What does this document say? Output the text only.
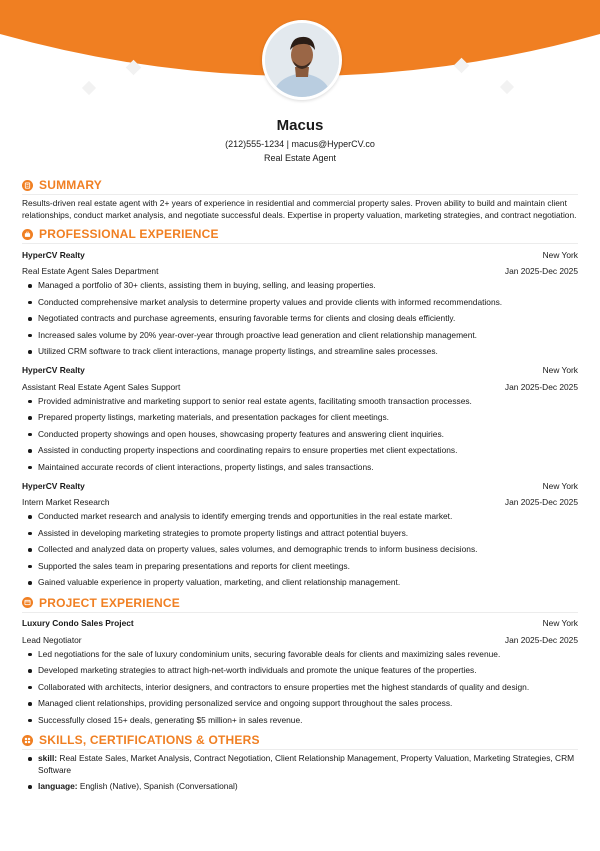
Macus
(212)555-1234 | macus@HyperCV.co
Real Estate Agent
SUMMARY
Results-driven real estate agent with 2+ years of experience in residential and commercial property sales. Proven ability to build and maintain client relationships, conduct market analysis, and negotiate successful deals. Expertise in property valuation, marketing strategies, and contract negotiation.
PROFESSIONAL EXPERIENCE
HyperCV Realty	New York
Real Estate Agent Sales Department	Jan 2025-Dec 2025
Managed a portfolio of 30+ clients, assisting them in buying, selling, and leasing properties.
Conducted comprehensive market analysis to determine property values and provide clients with informed recommendations.
Negotiated contracts and purchase agreements, ensuring favorable terms for clients and closing deals efficiently.
Increased sales volume by 20% year-over-year through proactive lead generation and client relationship management.
Utilized CRM software to track client interactions, manage property listings, and streamline sales processes.
HyperCV Realty	New York
Assistant Real Estate Agent Sales Support	Jan 2025-Dec 2025
Provided administrative and marketing support to senior real estate agents, facilitating smooth transaction processes.
Prepared property listings, marketing materials, and presentation packages for client meetings.
Conducted property showings and open houses, showcasing property features and answering client inquiries.
Assisted in conducting property inspections and coordinating repairs to ensure properties met client expectations.
Maintained accurate records of client interactions, property listings, and sales transactions.
HyperCV Realty	New York
Intern Market Research	Jan 2025-Dec 2025
Conducted market research and analysis to identify emerging trends and opportunities in the real estate market.
Assisted in developing marketing strategies to promote property listings and attract potential buyers.
Collected and analyzed data on property values, sales volumes, and demographic trends to inform business decisions.
Supported the sales team in preparing presentations and reports for client meetings.
Gained valuable experience in property valuation, marketing, and client relationship management.
PROJECT EXPERIENCE
Luxury Condo Sales Project	New York
Lead Negotiator	Jan 2025-Dec 2025
Led negotiations for the sale of luxury condominium units, securing favorable deals for clients and maximizing sales revenue.
Developed marketing strategies to attract high-net-worth individuals and promote the unique features of the properties.
Collaborated with architects, interior designers, and contractors to ensure properties met the highest standards of quality and design.
Managed client relationships, providing personalized service and ongoing support throughout the sales process.
Successfully closed 15+ deals, generating $5 million+ in sales revenue.
SKILLS, CERTIFICATIONS & OTHERS
skill: Real Estate Sales, Market Analysis, Contract Negotiation, Client Relationship Management, Property Valuation, Marketing Strategies, CRM Software
language: English (Native), Spanish (Conversational)
